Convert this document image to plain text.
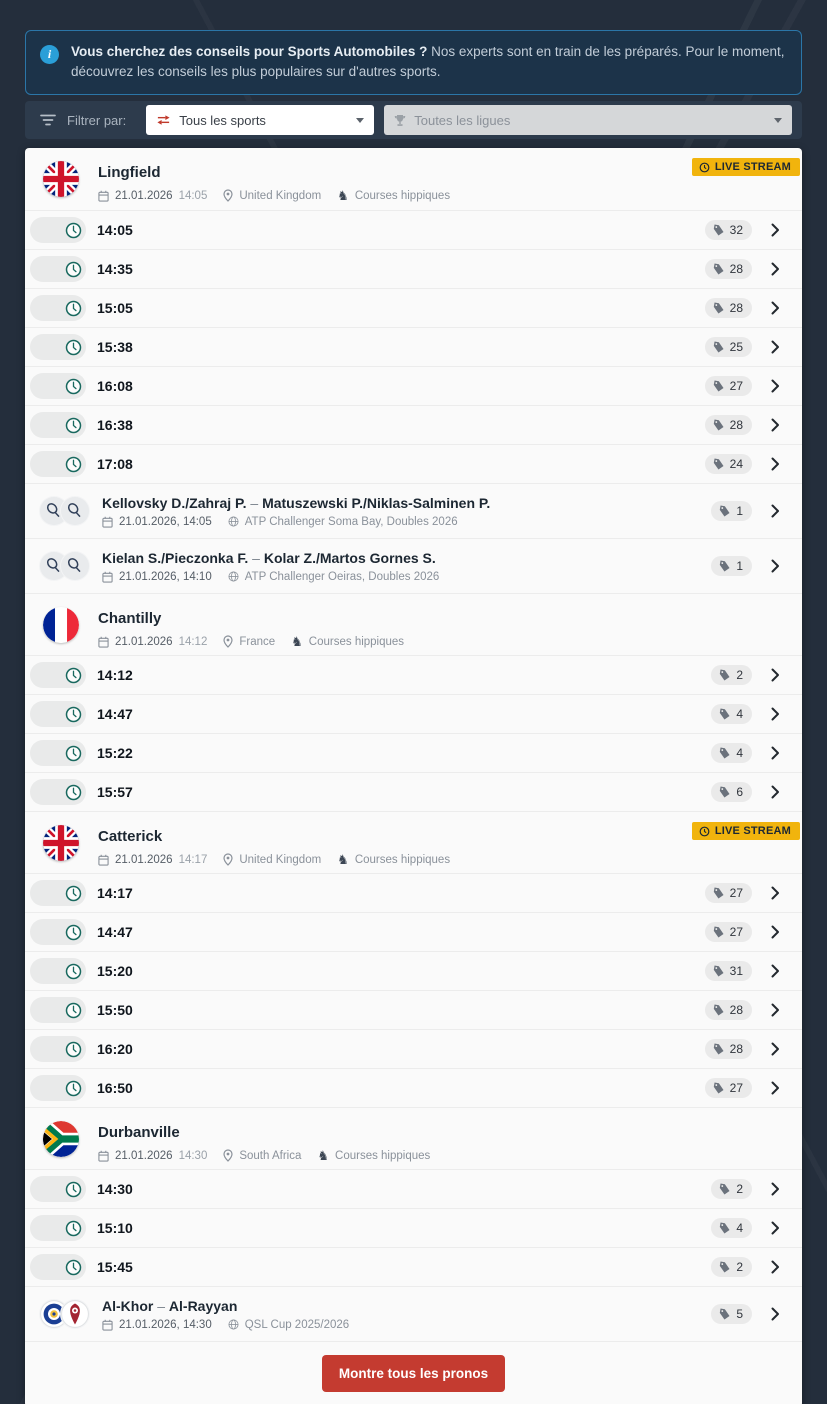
i	Vous cherchez des conseils pour Sports Automobiles ? Nos experts sont en train de les préparés. Pour le moment, découvrez les conseils les plus populaires sur d'autres sports.
Filtrer par:	Tous les sports	Toutes les ligues
Lingfield
21.01.2026 14:05	United Kingdom ♞ Courses hippiques
LIVE STREAM
14:05	32
14:35	28
15:05	28
15:38	25
16:08	27
16:38	28
17:08	24
Kellovsky D./Zahraj P. – Matuszewski P./Niklas-Salminen P.
21.01.2026, 14:05	ATP Challenger Soma Bay, Doubles 2026
1
Kielan S./Pieczonka F. – Kolar Z./Martos Gornes S.
21.01.2026, 14:10	ATP Challenger Oeiras, Doubles 2026
1
Chantilly
21.01.2026 14:12	France ♞ Courses hippiques
14:12	2
14:47	4
15:22	4
15:57	6
Catterick
21.01.2026 14:17	United Kingdom ♞ Courses hippiques
LIVE STREAM
14:17	27
14:47	27
15:20	31
15:50	28
16:20	28
16:50	27
Durbanville
21.01.2026 14:30	South Africa ♞ Courses hippiques
14:30	2
15:10	4
15:45	2
Al-Khor – Al-Rayyan
21.01.2026, 14:30	QSL Cup 2025/2026
5
Montre tous les pronos
